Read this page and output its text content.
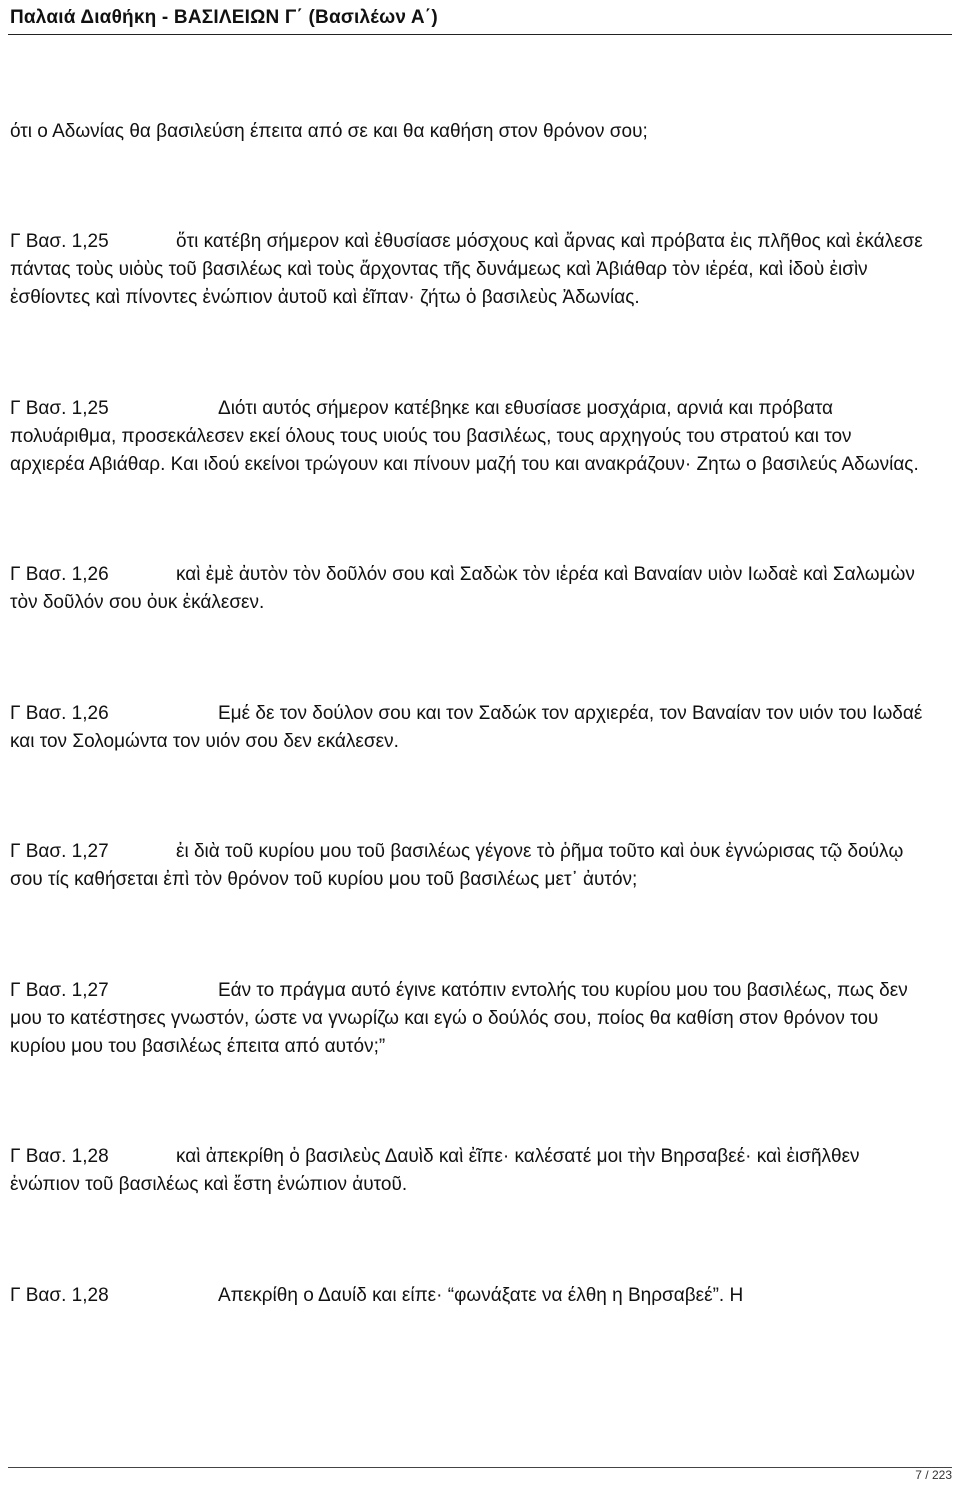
Παλαιά Διαθήκη - ΒΑΣΙΛΕΙΩΝ Γ΄ (Βασιλέων Α΄)

ότι ο Αδωνίας θα βασιλεύση έπειτα από σε και θα καθήση στον θρόνον σου;

Γ Βασ. 1,25	ὅτι κατέβη σήμερον καὶ ἐθυσίασε μόσχους καὶ ἄρνας καὶ πρόβατα ἐις πλῆθος καὶ ἐκάλεσε πάντας τοὺς υιὁὺς τοῦ βασιλέως καὶ τοὺς ἄρχοντας τῆς δυνάμεως καὶ Ἀβιάθαρ τὸν ιἑρέα, καὶ ἰδοὺ ἐισὶν ἐσθίοντες καὶ πίνοντες ἐνώπιον ἀυτοῦ καὶ ἐῖπαν· ζήτω ὁ βασιλεὺς Ἀδωνίας.

Γ Βασ. 1,25	Διότι αυτός σήμερον κατέβηκε και εθυσίασε μοσχάρια, αρνιά και πρόβατα πολυάριθμα, προσεκάλεσεν εκεί όλους τους υιούς του βασιλέως, τους αρχηγούς του στρατού και τον αρχιερέα Αβιάθαρ. Και ιδού εκείνοι τρώγουν και πίνουν μαζή του και ανακράζουν· Ζητω ο βασιλεύς Αδωνίας.

Γ Βασ. 1,26	καὶ ἐμὲ ἀυτὸν τὸν δοῦλόν σου καὶ Σαδὼκ τὸν ιἑρέα καὶ Βαναίαν υιὸν Ιωδαὲ καὶ Σαλωμὼν τὸν δοῦλόν σου ὀυκ ἐκάλεσεν.

Γ Βασ. 1,26	Εμέ δε τον δούλον σου και τον Σαδώκ τον αρχιερέα, τον Βαναίαν τον υιόν του Ιωδαέ και τον Σολομώντα τον υιόν σου δεν εκάλεσεν.

Γ Βασ. 1,27	ἐι διὰ τοῦ κυρίου μου τοῦ βασιλέως γέγονε τὸ ῥῆμα τοῦτο καὶ ὀυκ ἐγνώρισας τῷ δούλῳ σου τίς καθήσεται ἐπὶ τὸν θρόνον τοῦ κυρίου μου τοῦ βασιλέως μετ᾿ ἀυτόν;

Γ Βασ. 1,27	Εάν το πράγμα αυτό έγινε κατόπιν εντολής του κυρίου μου του βασιλέως, πως δεν μου το κατέστησες γνωστόν, ώστε να γνωρίζω και εγώ ο δούλός σου, ποίος θα καθίση στον θρόνον του κυρίου μου του βασιλέως έπειτα από αυτόν;”

Γ Βασ. 1,28	καὶ ἀπεκρίθη ὁ βασιλεὺς Δαυὶδ καὶ ἐῖπε· καλέσατέ μοι τὴν Βηρσαβεέ· καὶ ἐισῆλθεν ἐνώπιον τοῦ βασιλέως καὶ ἔστη ἐνώπιον ἀυτοῦ.

Γ Βασ. 1,28	Απεκρίθη ο Δαυίδ και είπε· “φωνάξατε να έλθη η Βηρσαβεέ”. Η

7 / 223
